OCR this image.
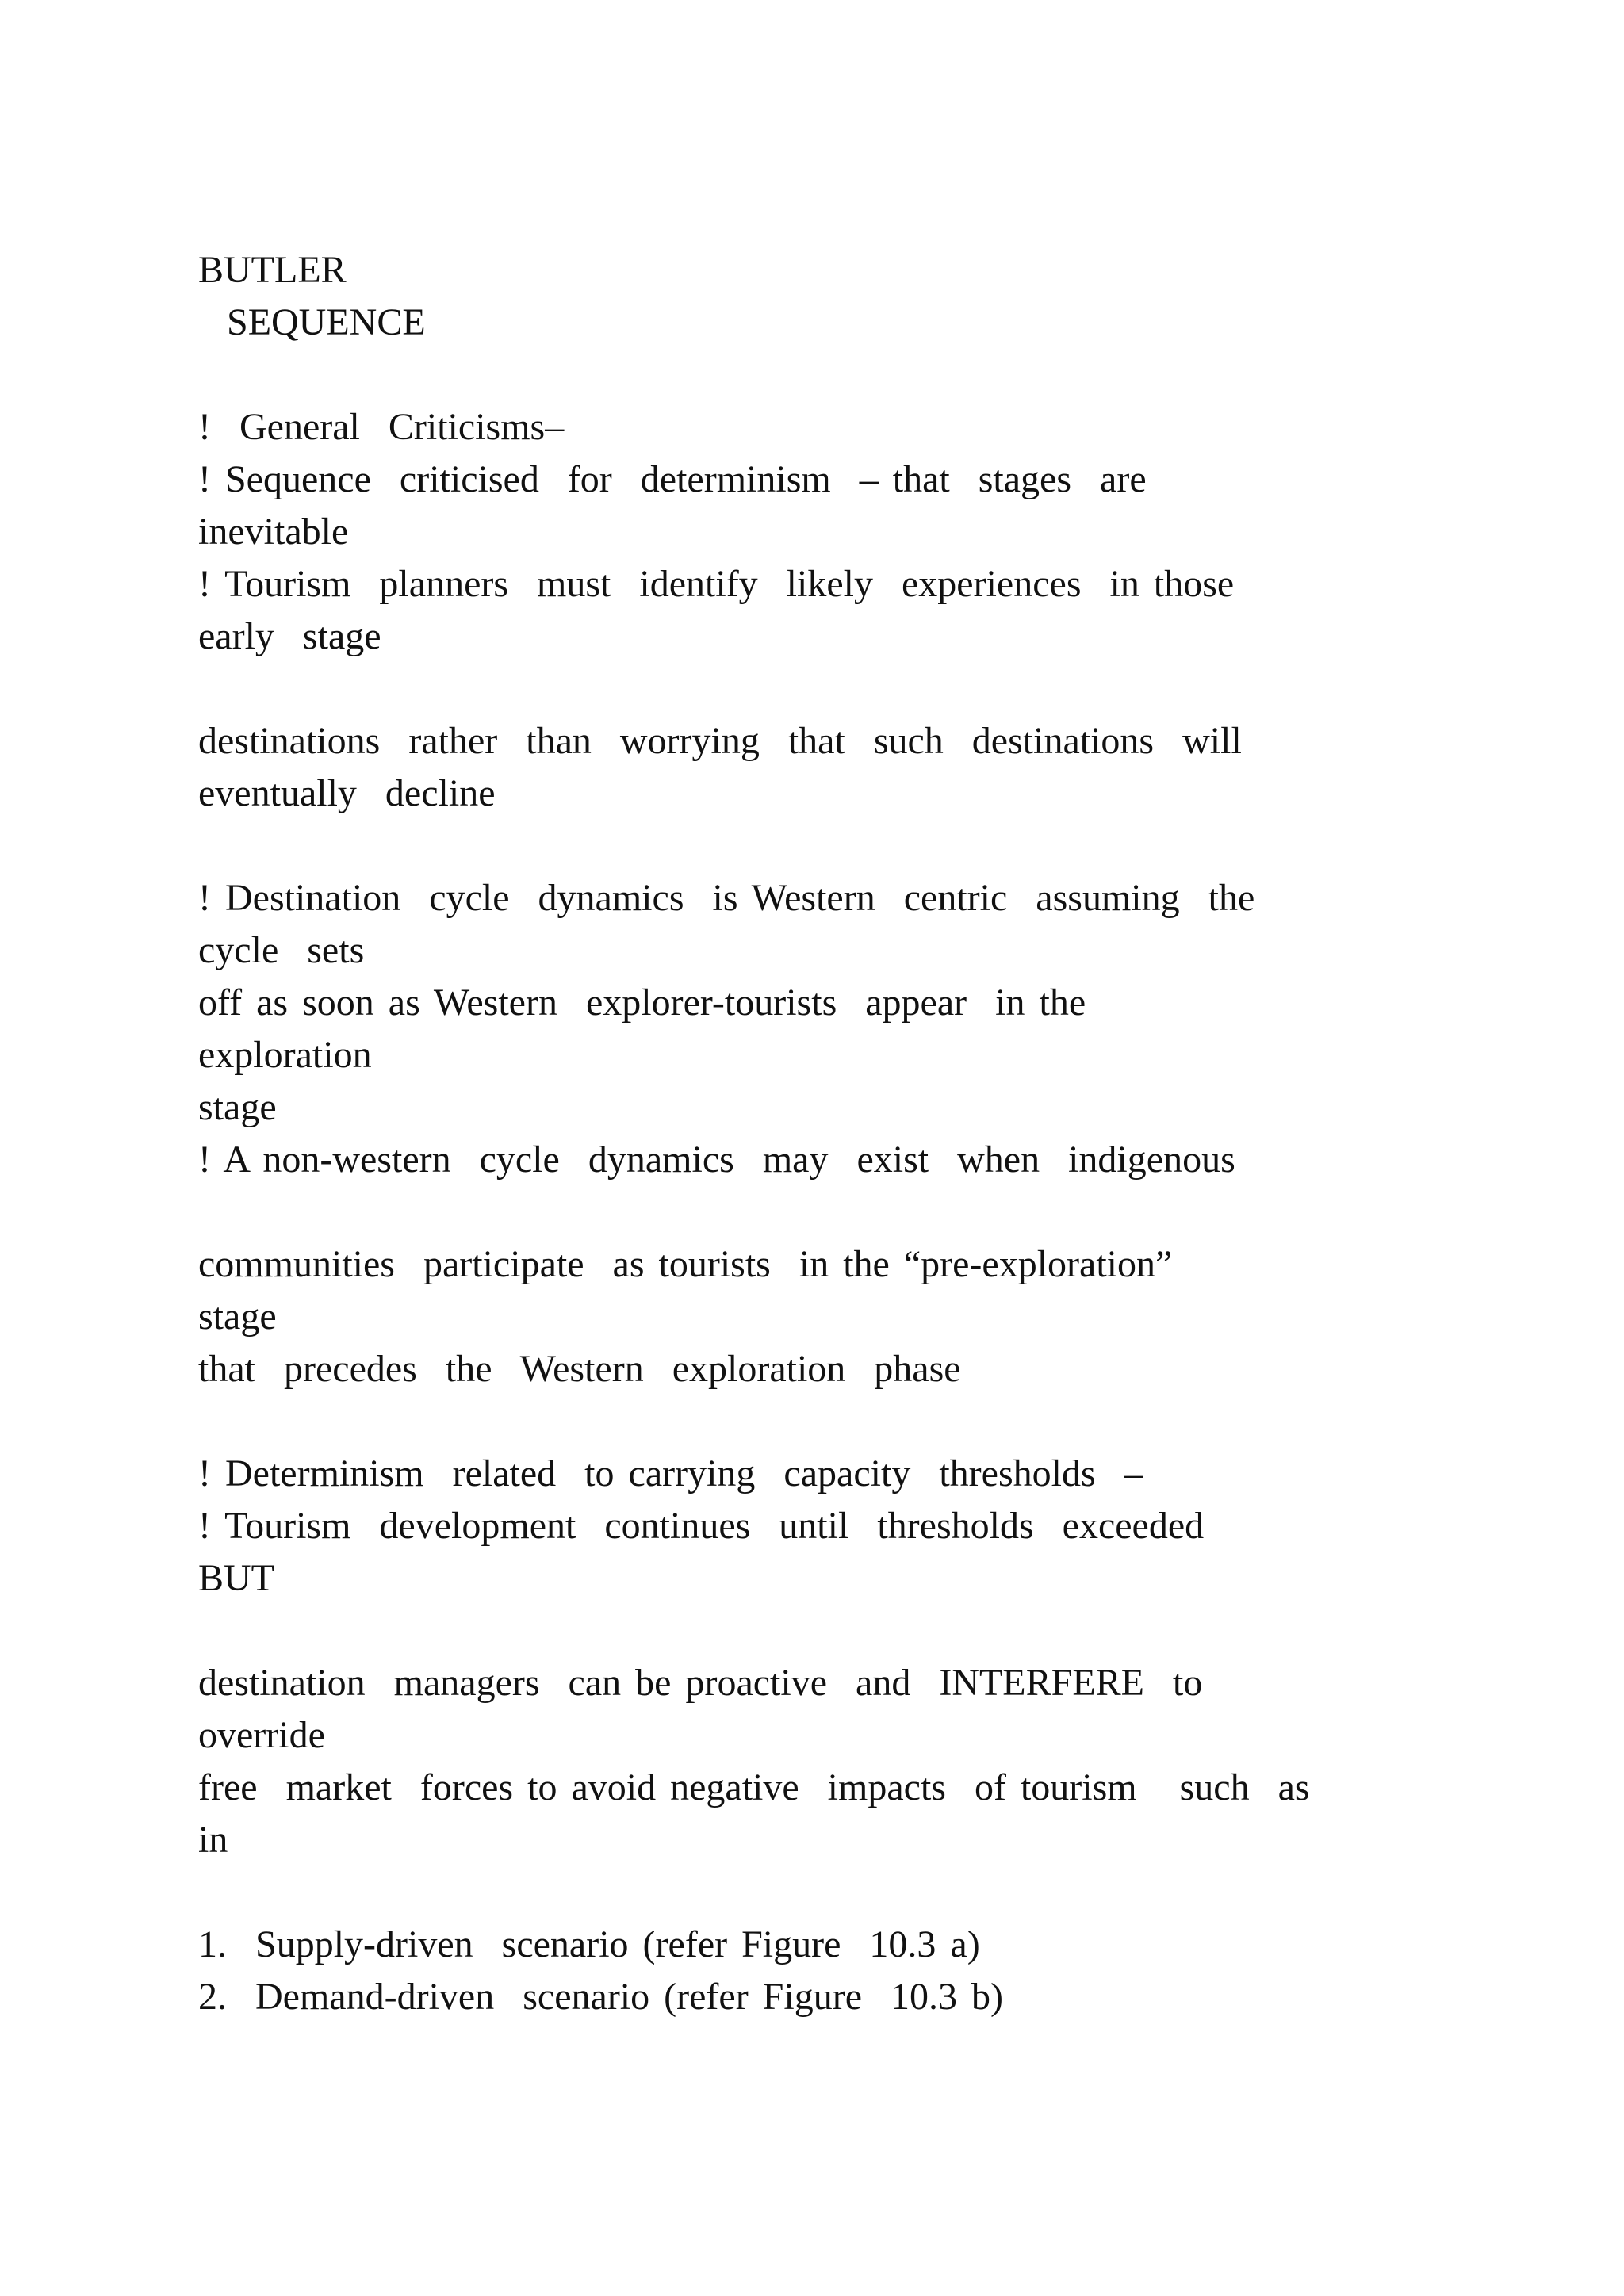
BUTLER
SEQUENCE
!  General  Criticisms–
! Sequence  criticised  for  determinism  – that  stages  are
inevitable
! Tourism  planners  must  identify  likely  experiences  in those
early  stage
destinations  rather  than  worrying  that  such  destinations  will
eventually  decline
! Destination  cycle  dynamics  is Western  centric  assuming  the
cycle  sets
off as soon as Western  explorer-tourists  appear  in the
exploration
stage
! A non-western  cycle  dynamics  may  exist  when  indigenous
communities  participate  as tourists  in the “pre-exploration”
stage
that  precedes  the  Western  exploration  phase
! Determinism  related  to carrying  capacity  thresholds  –
! Tourism  development  continues  until  thresholds  exceeded
BUT
destination  managers  can be proactive  and  INTERFERE  to
override
free  market  forces to avoid negative  impacts  of tourism   such  as
in
1.  Supply-driven  scenario (refer Figure  10.3 a)
2.  Demand-driven  scenario (refer Figure  10.3 b)
